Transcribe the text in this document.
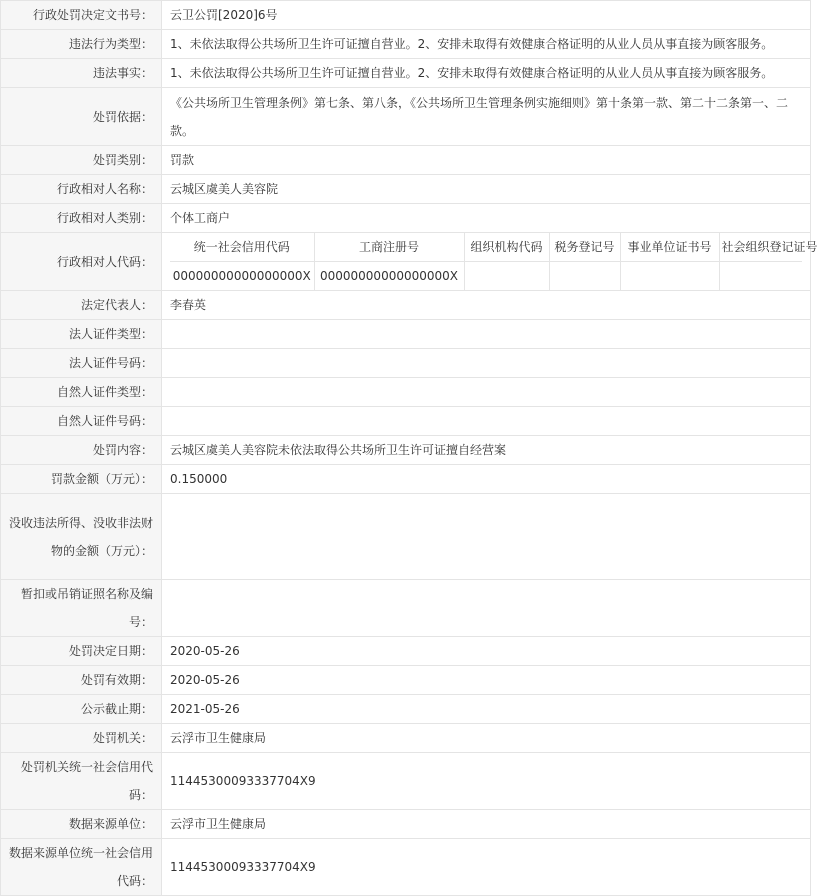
行政处罚决定文书号：	云卫公罚[2020]6号
违法行为类型：	1、未依法取得公共场所卫生许可证擅自营业。2、安排未取得有效健康合格证明的从业人员从事直接为顾客服务。
违法事实：	1、未依法取得公共场所卫生许可证擅自营业。2、安排未取得有效健康合格证明的从业人员从事直接为顾客服务。
处罚依据：	《公共场所卫生管理条例》第七条、第八条，《公共场所卫生管理条例实施细则》第十条第一款、第二十二条第一、二款。
处罚类别：	罚款
行政相对人名称：	云城区虞美人美容院
行政相对人类别：	个体工商户
行政相对人代码：	
统一社会信用代码	工商注册号	组织机构代码	税务登记号	事业单位证书号	社会组织登记证号
00000000000000000X	00000000000000000X				

法定代表人：	李春英
法人证件类型：	
法人证件号码：	
自然人证件类型：	
自然人证件号码：	
处罚内容：	云城区虞美人美容院未依法取得公共场所卫生许可证擅自经营案
罚款金额（万元）：	0.150000
没收违法所得、没收非法财物的金额（万元）：	
暂扣或吊销证照名称及编号：	
处罚决定日期：	2020-05-26
处罚有效期：	2020-05-26
公示截止期：	2021-05-26
处罚机关：	云浮市卫生健康局
处罚机关统一社会信用代码：	11445300093337704X9
数据来源单位：	云浮市卫生健康局
数据来源单位统一社会信用代码：	11445300093337704X9
